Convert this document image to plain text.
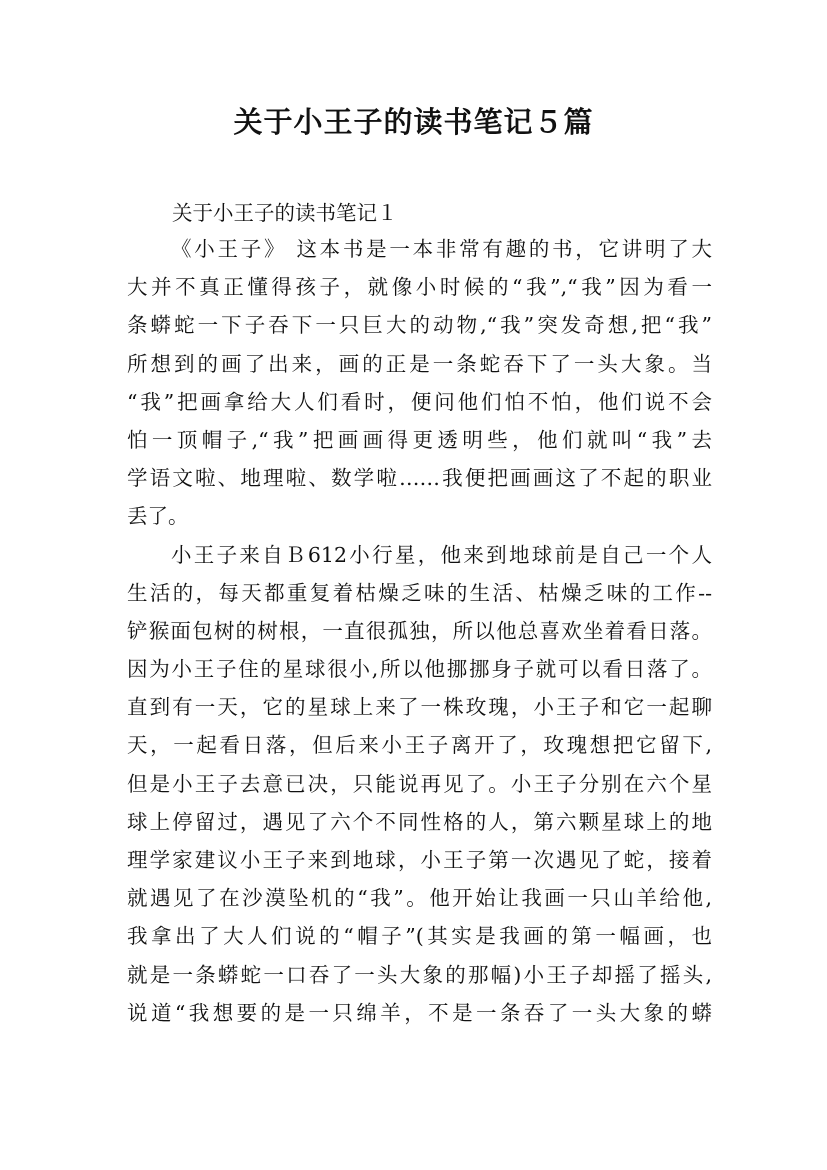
关于小王子的读书笔记５篇
关于小王子的读书笔记１
《小王子》 这本书是一本非常有趣的书，它讲明了大
大并不真正懂得孩子，就像小时候的“我”,“我”因为看一
条蟒蛇一下子吞下一只巨大的动物,“我”突发奇想,把“我”
所想到的画了出来，画的正是一条蛇吞下了一头大象。当
“我”把画拿给大人们看时，便问他们怕不怕，他们说不会
怕一顶帽子,“我”把画画得更透明些，他们就叫“我”去
学语文啦、地理啦、数学啦……我便把画画这了不起的职业
丢了。
小王子来自Ｂ612小行星，他来到地球前是自己一个人
生活的，每天都重复着枯燥乏味的生活、枯燥乏味的工作--
铲猴面包树的树根，一直很孤独，所以他总喜欢坐着看日落。
因为小王子住的星球很小,所以他挪挪身子就可以看日落了。
直到有一天，它的星球上来了一株玫瑰，小王子和它一起聊
天，一起看日落，但后来小王子离开了，玫瑰想把它留下,
但是小王子去意已决，只能说再见了。小王子分别在六个星
球上停留过，遇见了六个不同性格的人，第六颗星球上的地
理学家建议小王子来到地球，小王子第一次遇见了蛇，接着
就遇见了在沙漠坠机的“我”。他开始让我画一只山羊给他,
我拿出了大人们说的“帽子”(其实是我画的第一幅画，也
就是一条蟒蛇一口吞了一头大象的那幅)小王子却摇了摇头,
说道“我想要的是一只绵羊，不是一条吞了一头大象的蟒
